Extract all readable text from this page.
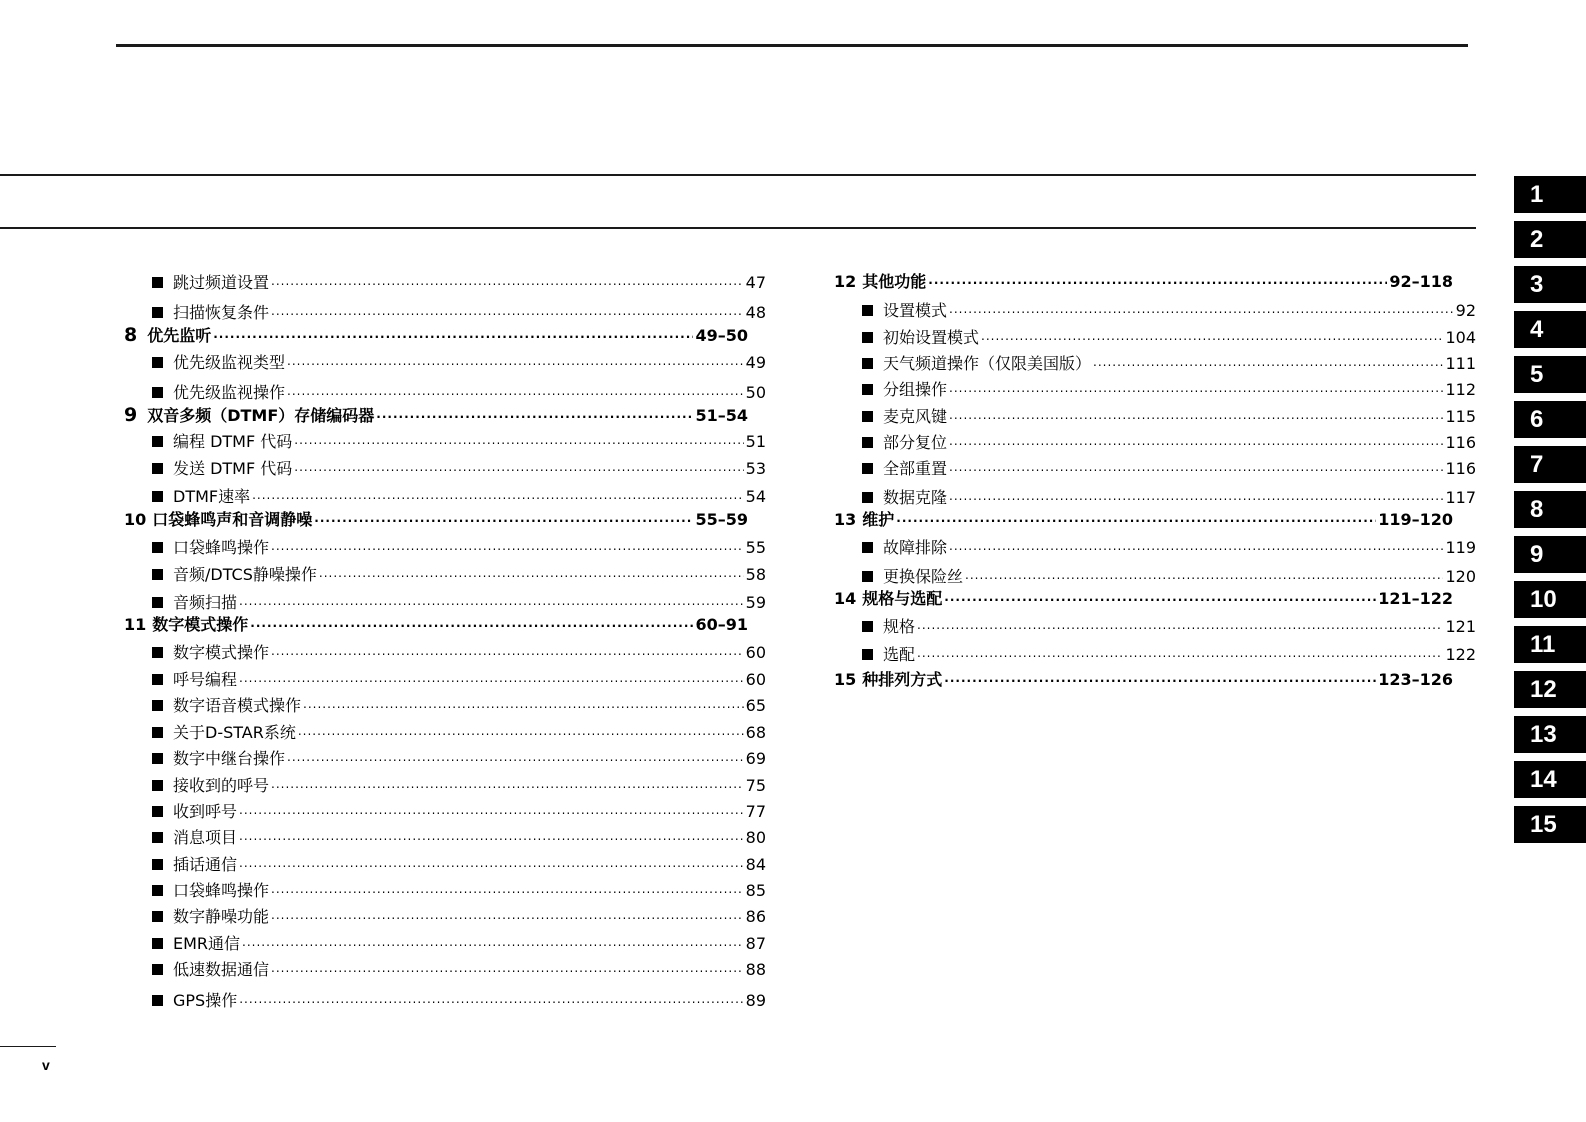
跳过频道设置 .....	47
扫描恢复条件 .....	48
8 优先监听 .....	49–50
优先级监视类型 .....	49
优先级监视操作 .....	50
9 双音多频（DTMF）存储编码器 .....	51–54
编程 DTMF 代码 .....	51
发送 DTMF 代码 .....	53
DTMF速率 .....	54
10 口袋蜂鸣声和音调静噪 .....	55–59
口袋蜂鸣操作 .....	55
音频/DTCS静噪操作 .....	58
音频扫描 .....	59
11 数字模式操作 .....	60–91
数字模式操作 .....	60
呼号编程 .....	60
数字语音模式操作 .....	65
关于D-STAR系统 .....	68
数字中继台操作 .....	69
接收到的呼号 .....	75
收到呼号 .....	77
消息项目 .....	80
插话通信 .....	84
口袋蜂鸣操作 .....	85
数字静噪功能 .....	86
EMR通信 .....	87
低速数据通信 .....	88
GPS操作 .....	89
12 其他功能 .....	92–118
设置模式 .....	92
初始设置模式 .....	104
天气频道操作（仅限美国版） .....	111
分组操作 .....	112
麦克风键 .....	115
部分复位 .....	116
全部重置 .....	116
数据克隆 .....	117
13 维护 .....	119–120
故障排除 .....	119
更换保险丝 .....	120
14 规格与选配 .....	121–122
规格 .....	121
选配 .....	122
15 种排列方式 .....	123–126
1
2
3
4
5
6
7
8
9
10
11
12
13
14
15
v
